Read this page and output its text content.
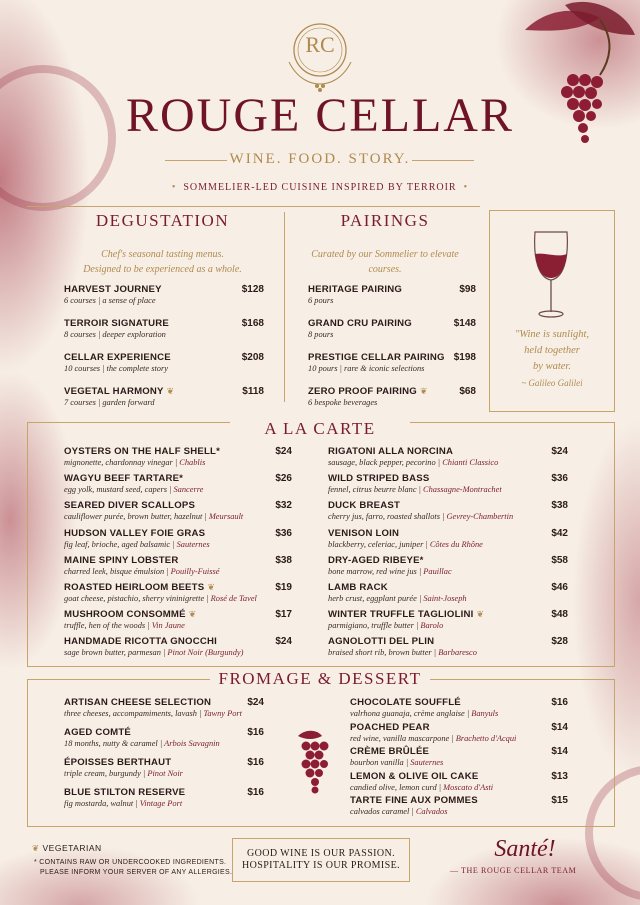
RC
ROUGE CELLAR
WINE. FOOD. STORY.
•  SOMMELIER-LED CUISINE INSPIRED BY TERROIR  •
DEGUSTATION
Chef's seasonal tasting menus.
Designed to be experienced as a whole.
HARVEST JOURNEY
6 courses | a sense of place
$128
TERROIR SIGNATURE
8 courses | deeper exploration
$168
CELLAR EXPERIENCE
10 courses | the complete story
$208
VEGETAL HARMONY ❦
7 courses | garden forward
$118
PAIRINGS
Curated by our Sommelier to elevate
courses.
HERITAGE PAIRING
6 pours
$98
GRAND CRU PAIRING
8 pours
$148
PRESTIGE CELLAR PAIRING
10 pours | rare & iconic selections
$198
ZERO PROOF PAIRING ❦
6 bespoke beverages
$68
"Wine is sunlight,
held together
by water.
~ Galileo Galilei
A LA CARTE
OYSTERS ON THE HALF SHELL*
mignonette, chardonnay vinegar | Chablis
$24
WAGYU BEEF TARTARE*
egg yolk, mustard seed, capers | Sancerre
$26
SEARED DIVER SCALLOPS
cauliflower purée, brown butter, hazelnut | Meursault
$32
HUDSON VALLEY FOIE GRAS
fig leaf, brioche, aged balsamic | Sauternes
$36
MAINE SPINY LOBSTER
charred leek, bisque émulsion | Pouilly-Fuissé
$38
ROASTED HEIRLOOM BEETS ❦
goat cheese, pistachio, sherry vininigrette | Rosé de Tavel
$19
MUSHROOM CONSOMMÉ ❦
truffle, hen of the woods | Vin Jaune
$17
HANDMADE RICOTTA GNOCCHI
sage brown butter, parmesan | Pinot Noir (Burgundy)
$24
RIGATONI ALLA NORCINA
sausage, black pepper, pecorino | Chianti Classico
$24
WILD STRIPED BASS
fennel, citrus beurre blanc | Chassagne-Montrachet
$36
DUCK BREAST
cherry jus, farro, roasted shallots | Gevrey-Chambertin
$38
VENISON LOIN
blackberry, celeriac, juniper | Côtes du Rhône
$42
DRY-AGED RIBEYE*
bone marrow, red wine jus | Pauillac
$58
LAMB RACK
herb crust, eggplant purée | Saint-Joseph
$46
WINTER TRUFFLE TAGLIOLINI ❦
parmigiano, truffle butter | Barolo
$48
AGNOLOTTI DEL PLIN
braised short rib, brown butter | Barbaresco
$28
FROMAGE & DESSERT
ARTISAN CHEESE SELECTION
three cheeses, accompamiments, lavash | Tawny Port
$24
AGED COMTÉ
18 months, nutty & caramel | Arbois Savagnin
$16
ÉPOISSES BERTHAUT
triple cream, burgundy | Pinot Noir
$16
BLUE STILTON RESERVE
fig mostarda, walnut | Vintage Port
$16
CHOCOLATE SOUFFLÉ
valrhona guanaja, crème anglaise | Banyuls
$16
POACHED PEAR
red wine, vanilla mascarpone | Brachetto d'Acqui
$14
CRÈME BRÛLÉE
bourbon vanilla | Sauternes
$14
LEMON & OLIVE OIL CAKE
candied olive, lemon curd | Moscato d'Asti
$13
TARTE FINE AUX POMMES
calvados caramel | Calvados
$15
❦ VEGETARIAN
* CONTAINS RAW OR UNDERCOOKED INGREDIENTS.
PLEASE INFORM YOUR SERVER OF ANY ALLERGIES.
GOOD WINE IS OUR PASSION.
HOSPITALITY IS OUR PROMISE.
Santé!
— THE ROUGE CELLAR TEAM
